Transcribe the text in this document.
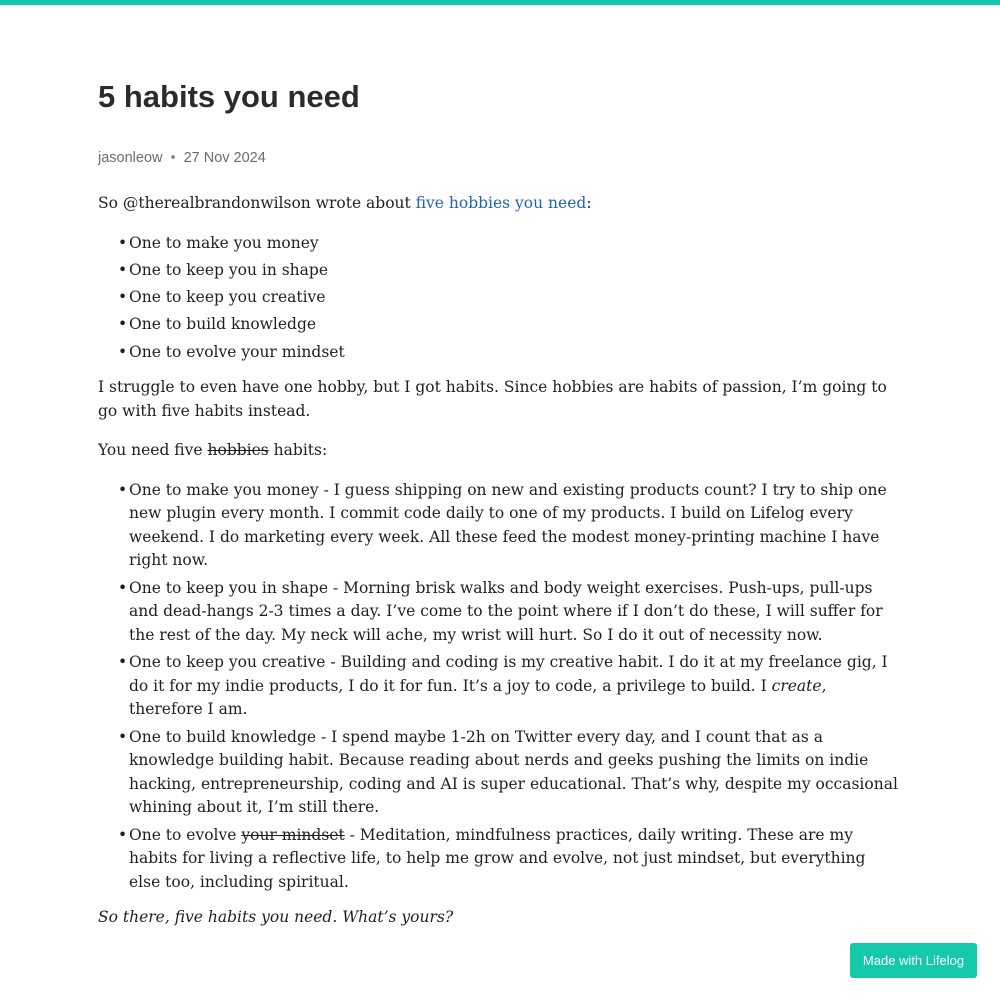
5 habits you need
jasonleow • 27 Nov 2024

So @therealbrandonwilson wrote about five hobbies you need:

• One to make you money
• One to keep you in shape
• One to keep you creative
• One to build knowledge
• One to evolve your mindset

I struggle to even have one hobby, but I got habits. Since hobbies are habits of passion, I’m going to go with five habits instead.

You need five hobbies habits:

• One to make you money - I guess shipping on new and existing products count? I try to ship one new plugin every month. I commit code daily to one of my products. I build on Lifelog every weekend. I do marketing every week. All these feed the modest money-printing machine I have right now.
• One to keep you in shape - Morning brisk walks and body weight exercises. Push-ups, pull-ups and dead-hangs 2-3 times a day. I’ve come to the point where if I don’t do these, I will suffer for the rest of the day. My neck will ache, my wrist will hurt. So I do it out of necessity now.
• One to keep you creative - Building and coding is my creative habit. I do it at my freelance gig, I do it for my indie products, I do it for fun. It’s a joy to code, a privilege to build. I create, therefore I am.
• One to build knowledge - I spend maybe 1-2h on Twitter every day, and I count that as a knowledge building habit. Because reading about nerds and geeks pushing the limits on indie hacking, entrepreneurship, coding and AI is super educational. That’s why, despite my occasional whining about it, I’m still there.
• One to evolve your mindset - Meditation, mindfulness practices, daily writing. These are my habits for living a reflective life, to help me grow and evolve, not just mindset, but everything else too, including spiritual.

So there, five habits you need. What’s yours?

Made with Lifelog
